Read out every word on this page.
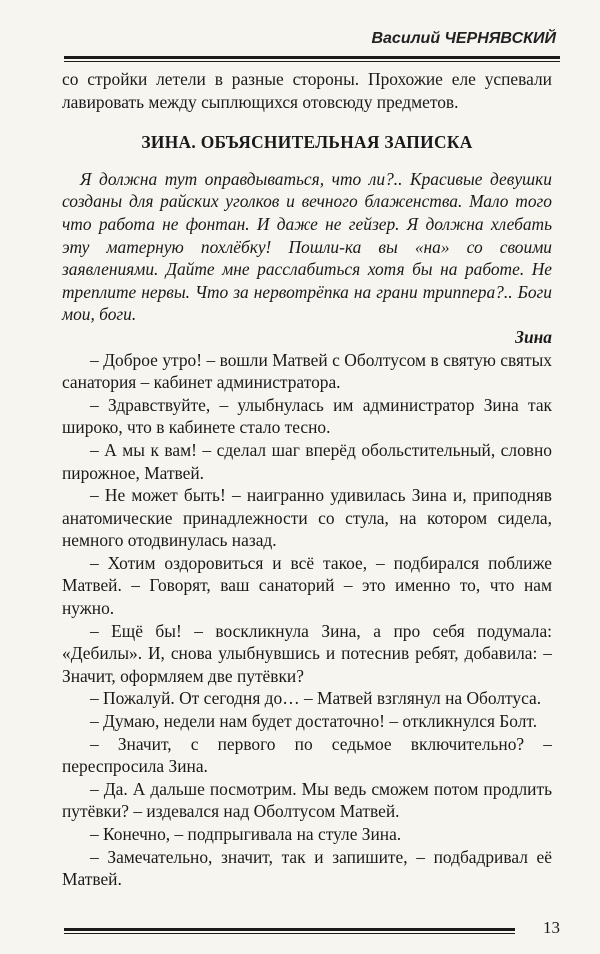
Василий ЧЕРНЯВСКИЙ

со стройки летели в разные стороны. Прохожие еле успевали лавировать между сыплющихся отовсюду предметов.

ЗИНА. ОБЪЯСНИТЕЛЬНАЯ ЗАПИСКА

Я должна тут оправдываться, что ли?.. Красивые девушки созданы для райских уголков и вечного блаженства. Мало того что работа не фонтан. И даже не гейзер. Я должна хлебать эту матерную похлёбку! Пошли-ка вы «на» со своими заявлениями. Дайте мне расслабиться хотя бы на работе. Не треплите нервы. Что за нервотрёпка на грани триппера?.. Боги мои, боги.

Зина

– Доброе утро! – вошли Матвей с Оболтусом в святую святых санатория – кабинет администратора.

– Здравствуйте, – улыбнулась им администратор Зина так широко, что в кабинете стало тесно.

– А мы к вам! – сделал шаг вперёд обольстительный, словно пирожное, Матвей.

– Не может быть! – наигранно удивилась Зина и, приподняв анатомические принадлежности со стула, на котором сидела, немного отодвинулась назад.

– Хотим оздоровиться и всё такое, – подбирался поближе Матвей. – Говорят, ваш санаторий – это именно то, что нам нужно.

– Ещё бы! – воскликнула Зина, а про себя подумала: «Дебилы». И, снова улыбнувшись и потеснив ребят, добавила: – Значит, оформляем две путёвки?

– Пожалуй. От сегодня до… – Матвей взглянул на Оболтуса.

– Думаю, недели нам будет достаточно! – откликнулся Болт.

– Значит, с первого по седьмое включительно? – переспросила Зина.

– Да. А дальше посмотрим. Мы ведь сможем потом продлить путёвки? – издевался над Оболтусом Матвей.

– Конечно, – подпрыгивала на стуле Зина.

– Замечательно, значит, так и запишите, – подбадривал её Матвей.

13
